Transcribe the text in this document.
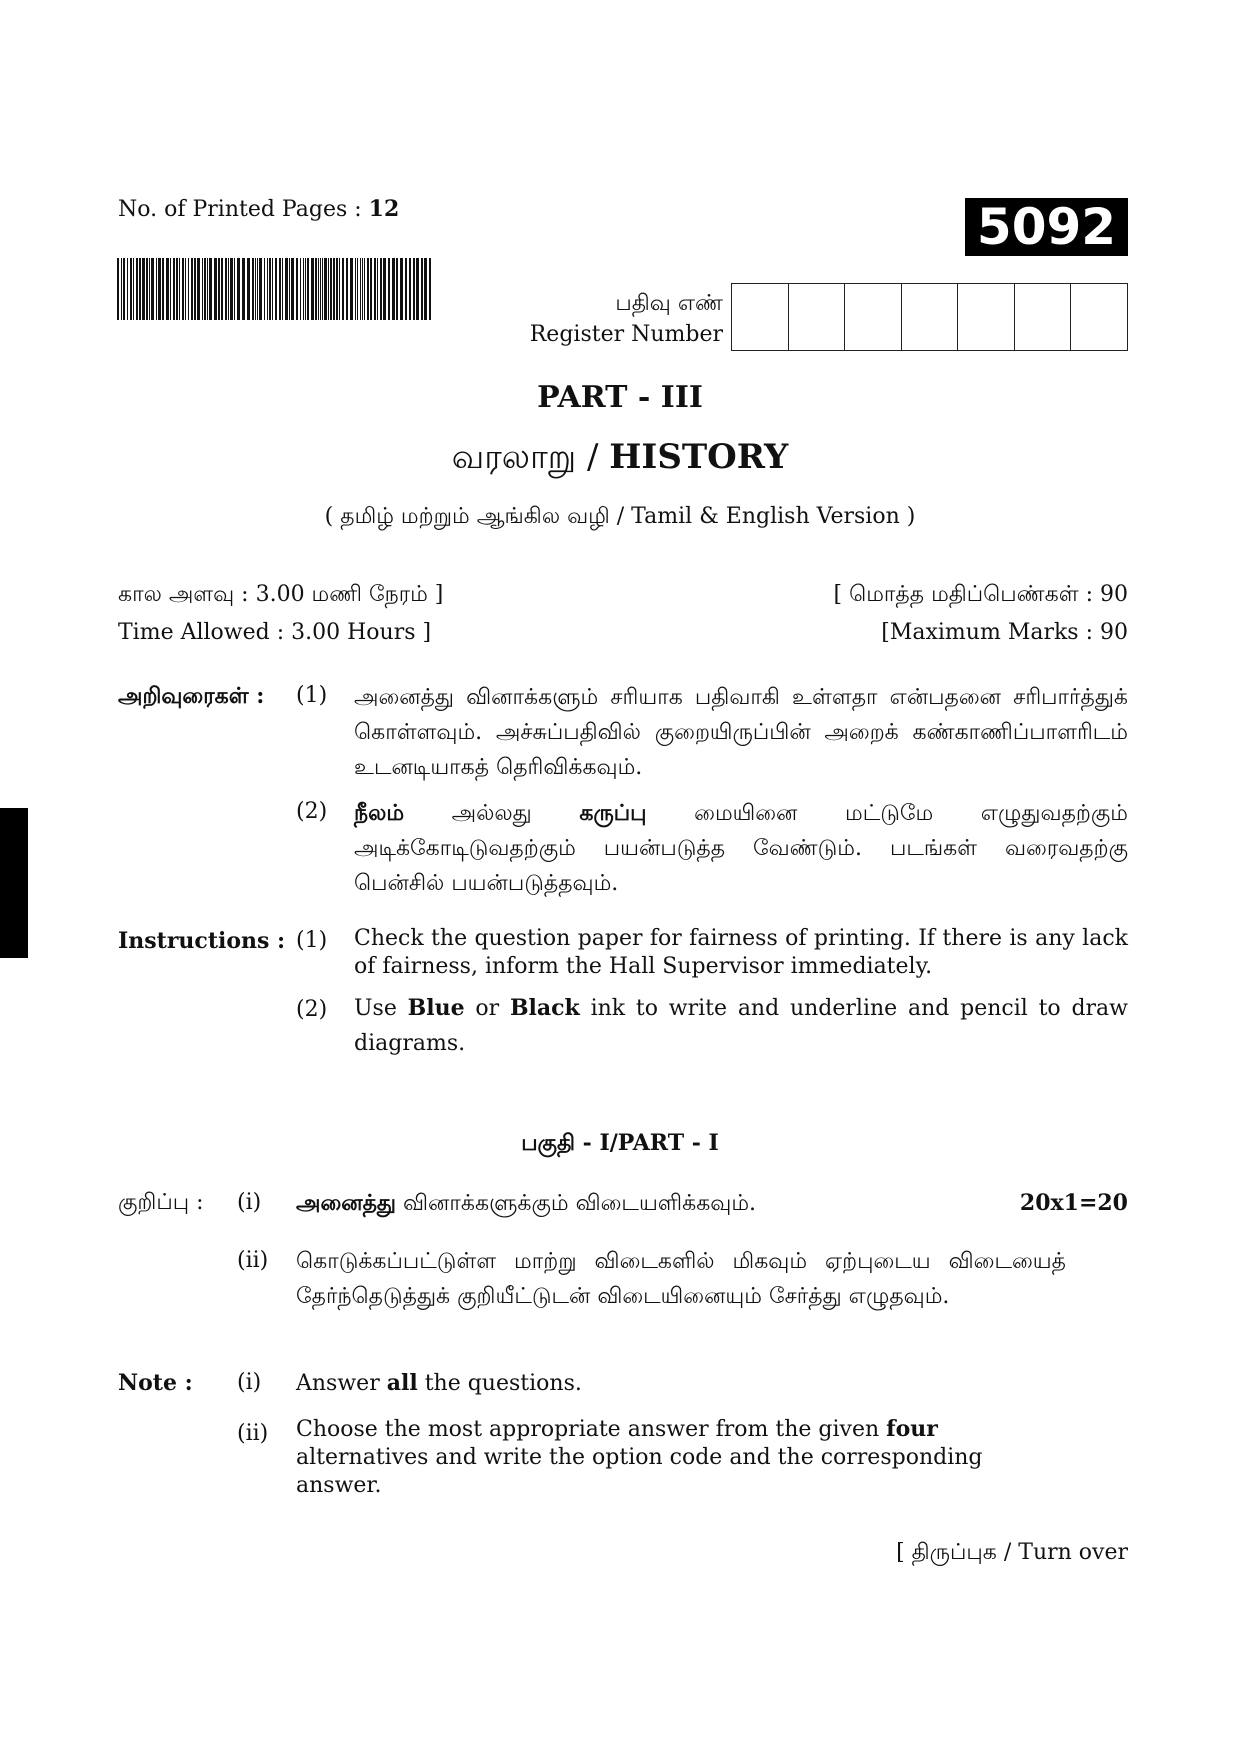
No. of Printed Pages : 12	5092
பதிவு எண்
Register Number
PART - III
வரலாறு / HISTORY
( தமிழ் மற்றும் ஆங்கில வழி / Tamil & English Version )
கால அளவு : 3.00 மணி நேரம் ]	[ மொத்த மதிப்பெண்கள் : 90
Time Allowed : 3.00 Hours ]	[Maximum Marks : 90
அறிவுரைகள் : (1) அனைத்து வினாக்களும் சரியாக பதிவாகி உள்ளதா என்பதனை சரிபார்த்துக் கொள்ளவும். அச்சுப்பதிவில் குறையிருப்பின் அறைக் கண்காணிப்பாளரிடம் உடனடியாகத் தெரிவிக்கவும்.
(2) நீலம் அல்லது கருப்பு மையினை மட்டுமே எழுதுவதற்கும் அடிக்கோடிடுவதற்கும் பயன்படுத்த வேண்டும். படங்கள் வரைவதற்கு பென்சில் பயன்படுத்தவும்.
Instructions : (1) Check the question paper for fairness of printing. If there is any lack of fairness, inform the Hall Supervisor immediately.
(2) Use Blue or Black ink to write and underline and pencil to draw diagrams.
பகுதி - I/PART - I
குறிப்பு : (i) அனைத்து வினாக்களுக்கும் விடையளிக்கவும்.	20x1=20
(ii) கொடுக்கப்பட்டுள்ள மாற்று விடைகளில் மிகவும் ஏற்புடைய விடையைத் தேர்ந்தெடுத்துக் குறியீட்டுடன் விடையினையும் சேர்த்து எழுதவும்.
Note : (i) Answer all the questions.
(ii) Choose the most appropriate answer from the given four alternatives and write the option code and the corresponding answer.
[ திருப்புக / Turn over
